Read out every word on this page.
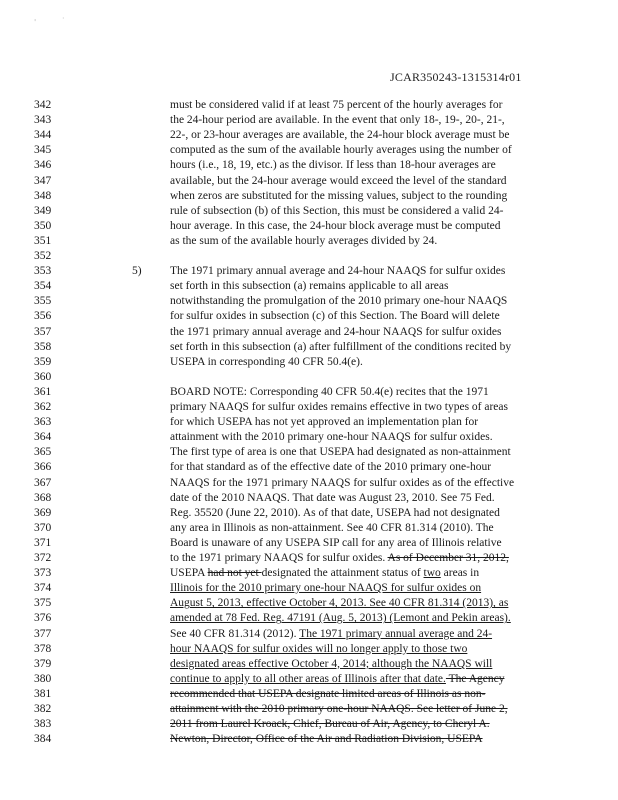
'	·
JCAR350243-1315314r01
342	must be considered valid if at least 75 percent of the hourly averages for
343	the 24-hour period are available. In the event that only 18-, 19-, 20-, 21-,
344	22-, or 23-hour averages are available, the 24-hour block average must be
345	computed as the sum of the available hourly averages using the number of
346	hours (i.e., 18, 19, etc.) as the divisor. If less than 18-hour averages are
347	available, but the 24-hour average would exceed the level of the standard
348	when zeros are substituted for the missing values, subject to the rounding
349	rule of subsection (b) of this Section, this must be considered a valid 24-
350	hour average. In this case, the 24-hour block average must be computed
351	as the sum of the available hourly averages divided by 24.
352
353	5) The 1971 primary annual average and 24-hour NAAQS for sulfur oxides
354	set forth in this subsection (a) remains applicable to all areas
355	notwithstanding the promulgation of the 2010 primary one-hour NAAQS
356	for sulfur oxides in subsection (c) of this Section. The Board will delete
357	the 1971 primary annual average and 24-hour NAAQS for sulfur oxides
358	set forth in this subsection (a) after fulfillment of the conditions recited by
359	USEPA in corresponding 40 CFR 50.4(e).
360
361	BOARD NOTE: Corresponding 40 CFR 50.4(e) recites that the 1971
362	primary NAAQS for sulfur oxides remains effective in two types of areas
363	for which USEPA has not yet approved an implementation plan for
364	attainment with the 2010 primary one-hour NAAQS for sulfur oxides.
365	The first type of area is one that USEPA had designated as non-attainment
366	for that standard as of the effective date of the 2010 primary one-hour
367	NAAQS for the 1971 primary NAAQS for sulfur oxides as of the effective
368	date of the 2010 NAAQS. That date was August 23, 2010. See 75 Fed.
369	Reg. 35520 (June 22, 2010). As of that date, USEPA had not designated
370	any area in Illinois as non-attainment. See 40 CFR 81.314 (2010). The
371	Board is unaware of any USEPA SIP call for any area of Illinois relative
372	to the 1971 primary NAAQS for sulfur oxides. As of December 31, 2012,
373	USEPA had not yet designated the attainment status of two areas in
374	Illinois for the 2010 primary one-hour NAAQS for sulfur oxides on
375	August 5, 2013, effective October 4, 2013. See 40 CFR 81.314 (2013), as
376	amended at 78 Fed. Reg. 47191 (Aug. 5, 2013) (Lemont and Pekin areas).
377	See 40 CFR 81.314 (2012). The 1971 primary annual average and 24-
378	hour NAAQS for sulfur oxides will no longer apply to those two
379	designated areas effective October 4, 2014; although the NAAQS will
380	continue to apply to all other areas of Illinois after that date. The Agency
381	recommended that USEPA designate limited areas of Illinois as non-
382	attainment with the 2010 primary one-hour NAAQS. See letter of June 2,
383	2011 from Laurel Kroack, Chief, Bureau of Air, Agency, to Cheryl A.
384	Newton, Director, Office of the Air and Radiation Division, USEPA
